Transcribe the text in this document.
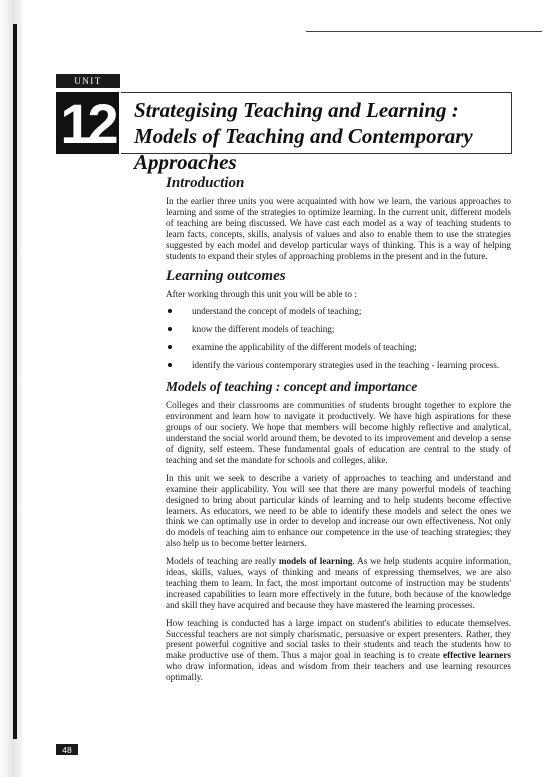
UNIT
12 Strategising Teaching and Learning : Models of Teaching and Contemporary Approaches
Introduction

In the earlier three units you were acquainted with how we learn, the various approaches to learning and some of the strategies to optimize learning. In the current unit, different models of teaching are being discussed. We have cast each model as a way of teaching students to learn facts, concepts, skills, analysis of values and also to enable them to use the strategies suggested by each model and develop particular ways of thinking. This is a way of helping students to expand their styles of approaching problems in the present and in the future.

Learning outcomes

After working through this unit you will be able to :

understand the concept of models of teaching;
know the different models of teaching;
examine the applicability of the different models of teaching;
identify the various contemporary strategies used in the teaching - learning process.
Models of teaching : concept and importance

Colleges and their classrooms are communities of students brought together to explore the environment and learn how to navigate it productively. We have high aspirations for these groups of our society. We hope that members will become highly reflective and analytical, understand the social world around them, be devoted to its improvement and develop a sense of dignity, self esteem. These fundamental goals of education are central to the study of teaching and set the mandate for schools and colleges, alike.

In this unit we seek to describe a variety of approaches to teaching and understand and examine their applicability. You will see that there are many powerful models of teaching designed to bring about particular kinds of learning and to help students become effective learners. As educators, we need to be able to identify these models and select the ones we think we can optimally use in order to develop and increase our own effectiveness. Not only do models of teaching aim to enhance our competence in the use of teaching strategies; they also help us to become better learners.

Models of teaching are really models of learning. As we help students acquire information, ideas, skills, values, ways of thinking and means of expressing themselves, we are also teaching them to learn. In fact, the most important outcome of instruction may be students' increased capabilities to learn more effectively in the future, both because of the knowledge and skill they have acquired and because they have mastered the learning processes.

How teaching is conducted has a large impact on student's abilities to educate themselves. Successful teachers are not simply charismatic, persuasive or expert presenters. Rather, they present powerful cognitive and social tasks to their students and teach the students how to make productive use of them. Thus a major goal in teaching is to create effective learners who draw information, ideas and wisdom from their teachers and use learning resources optimally.

48
